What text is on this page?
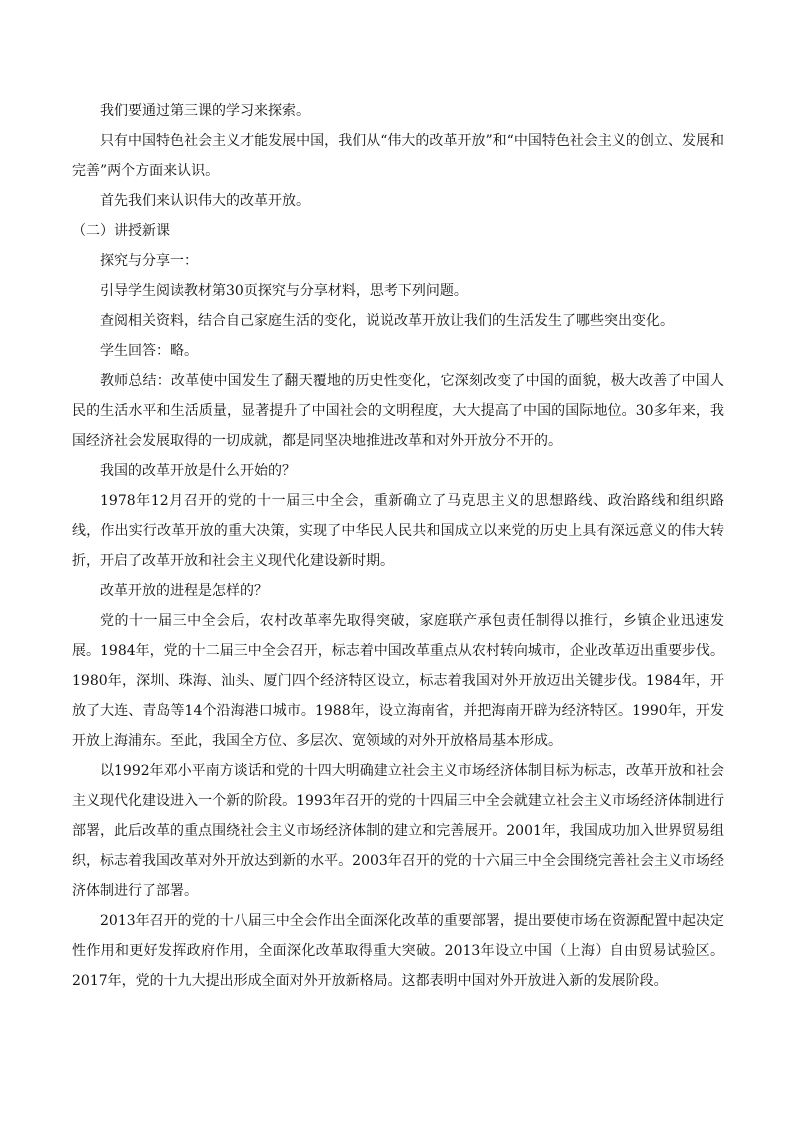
我们要通过第三课的学习来探索。

只有中国特色社会主义才能发展中国，我们从“伟大的改革开放”和“中国特色社会主义的创立、发展和完善”两个方面来认识。

首先我们来认识伟大的改革开放。

（二）讲授新课

探究与分享一：

引导学生阅读教材第30页探究与分享材料，思考下列问题。

查阅相关资料，结合自己家庭生活的变化，说说改革开放让我们的生活发生了哪些突出变化。

学生回答：略。

教师总结：改革使中国发生了翻天覆地的历史性变化，它深刻改变了中国的面貌，极大改善了中国人民的生活水平和生活质量，显著提升了中国社会的文明程度，大大提高了中国的国际地位。30多年来，我国经济社会发展取得的一切成就，都是同坚决地推进改革和对外开放分不开的。

我国的改革开放是什么开始的？

1978年12月召开的党的十一届三中全会，重新确立了马克思主义的思想路线、政治路线和组织路线，作出实行改革开放的重大决策，实现了中华民人民共和国成立以来党的历史上具有深远意义的伟大转折，开启了改革开放和社会主义现代化建设新时期。

改革开放的进程是怎样的？

党的十一届三中全会后，农村改革率先取得突破，家庭联产承包责任制得以推行，乡镇企业迅速发展。1984年，党的十二届三中全会召开，标志着中国改革重点从农村转向城市，企业改革迈出重要步伐。1980年，深圳、珠海、汕头、厦门四个经济特区设立，标志着我国对外开放迈出关键步伐。1984年，开放了大连、青岛等14个沿海港口城市。1988年，设立海南省，并把海南开辟为经济特区。1990年，开发开放上海浦东。至此，我国全方位、多层次、宽领域的对外开放格局基本形成。

以1992年邓小平南方谈话和党的十四大明确建立社会主义市场经济体制目标为标志，改革开放和社会主义现代化建设进入一个新的阶段。1993年召开的党的十四届三中全会就建立社会主义市场经济体制进行部署，此后改革的重点围绕社会主义市场经济体制的建立和完善展开。2001年，我国成功加入世界贸易组织，标志着我国改革对外开放达到新的水平。2003年召开的党的十六届三中全会围绕完善社会主义市场经济体制进行了部署。

2013年召开的党的十八届三中全会作出全面深化改革的重要部署，提出要使市场在资源配置中起决定性作用和更好发挥政府作用，全面深化改革取得重大突破。2013年设立中国（上海）自由贸易试验区。2017年，党的十九大提出形成全面对外开放新格局。这都表明中国对外开放进入新的发展阶段。
